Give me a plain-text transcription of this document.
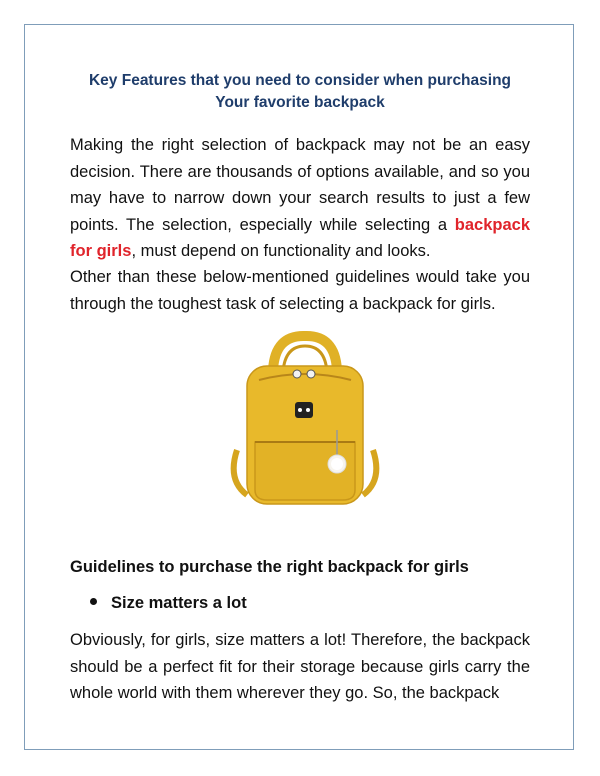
Key Features that you need to consider when purchasing
Your favorite backpack

Making the right selection of backpack may not be an easy decision. There are thousands of options available, and so you may have to narrow down your search results to just a few points. The selection, especially while selecting a backpack for girls, must depend on functionality and looks.

Other than these below-mentioned guidelines would take you through the toughest task of selecting a backpack for girls.

Guidelines to purchase the right backpack for girls

Size matters a lot

Obviously, for girls, size matters a lot! Therefore, the backpack should be a perfect fit for their storage because girls carry the whole world with them wherever they go. So, the backpack
